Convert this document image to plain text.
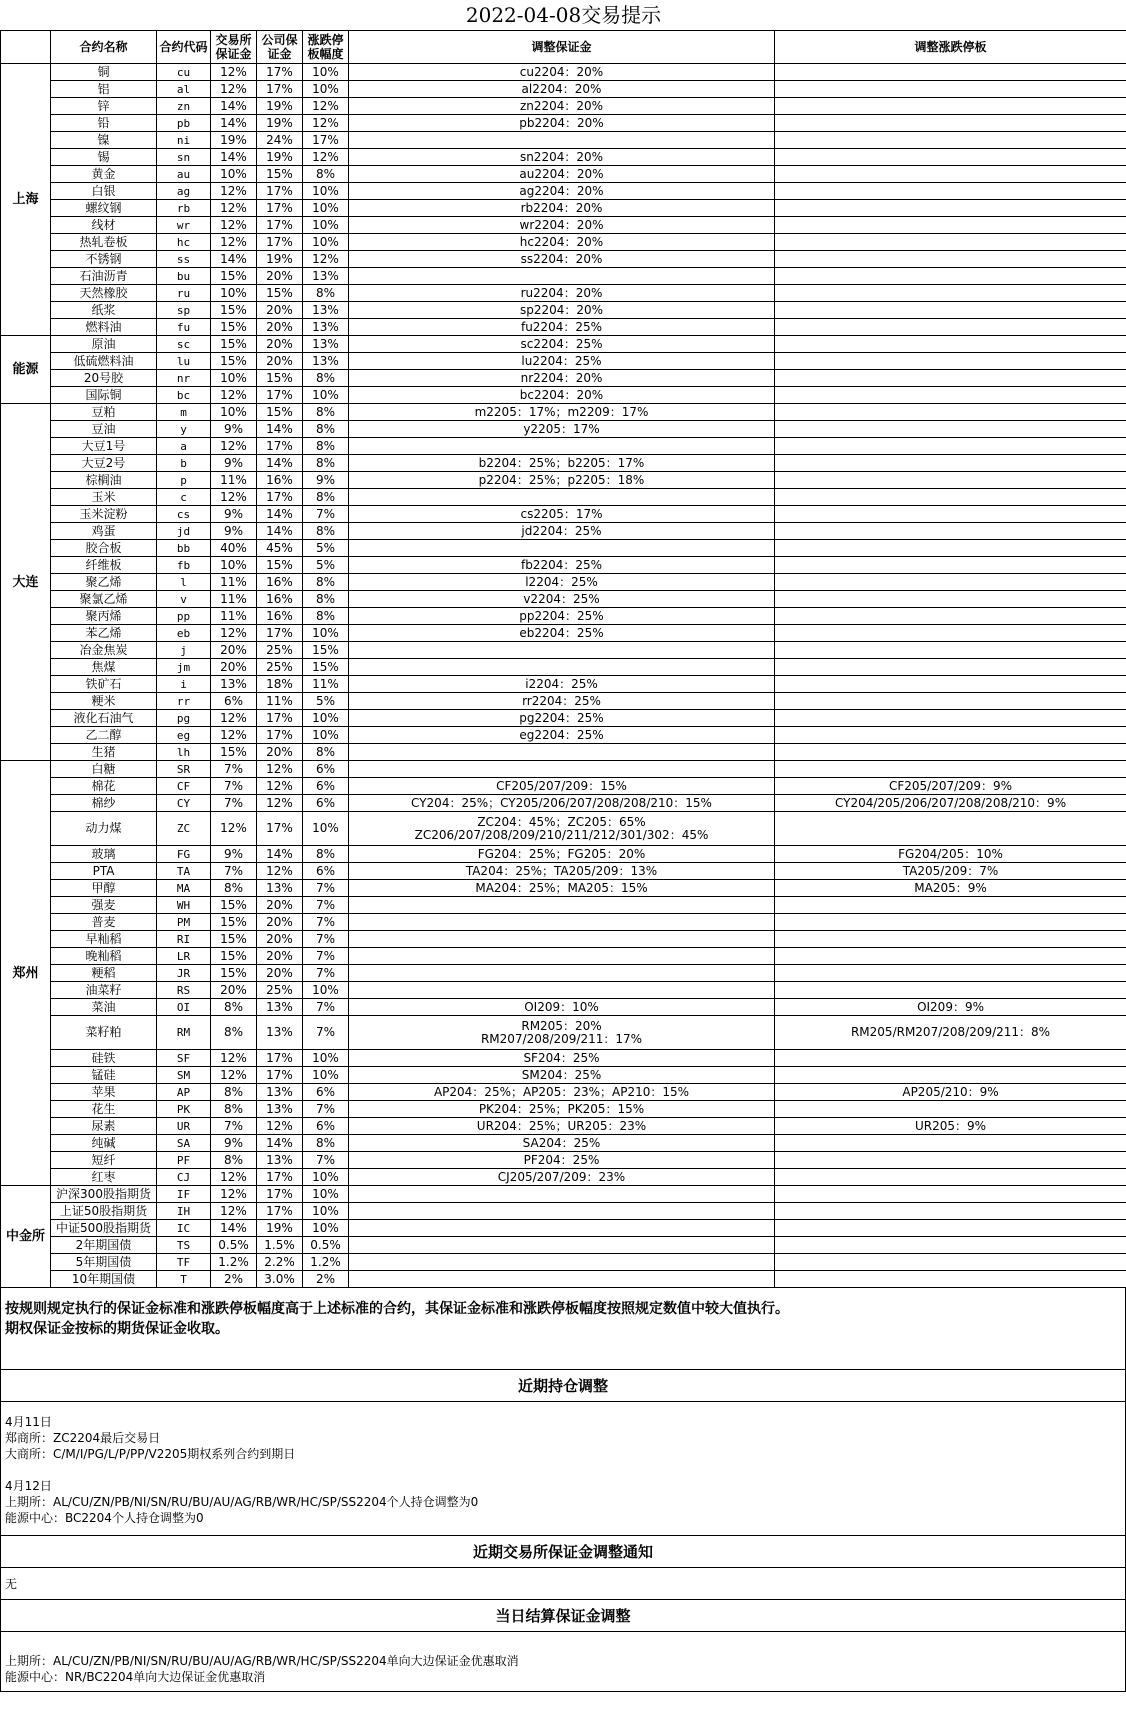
2022-04-08交易提示							
	合约名称	合约代码	交易所保证金	公司保证金	涨跌停板幅度	调整保证金	调整涨跌停板
上海	铜	cu	12%	17%	10%	cu2204：20%	
	铝	al	12%	17%	10%	al2204：20%	
	锌	zn	14%	19%	12%	zn2204：20%	
	铅	pb	14%	19%	12%	pb2204：20%	
	镍	ni	19%	24%	17%		
	锡	sn	14%	19%	12%	sn2204：20%	
	黄金	au	10%	15%	8%	au2204：20%	
	白银	ag	12%	17%	10%	ag2204：20%	
	螺纹钢	rb	12%	17%	10%	rb2204：20%	
	线材	wr	12%	17%	10%	wr2204：20%	
	热轧卷板	hc	12%	17%	10%	hc2204：20%	
	不锈钢	ss	14%	19%	12%	ss2204：20%	
	石油沥青	bu	15%	20%	13%		
	天然橡胶	ru	10%	15%	8%	ru2204：20%	
	纸浆	sp	15%	20%	13%	sp2204：20%	
	燃料油	fu	15%	20%	13%	fu2204：25%	
能源	原油	sc	15%	20%	13%	sc2204：25%	
	低硫燃料油	lu	15%	20%	13%	lu2204：25%	
	20号胶	nr	10%	15%	8%	nr2204：20%	
	国际铜	bc	12%	17%	10%	bc2204：20%	
大连	豆粕	m	10%	15%	8%	m2205：17%；m2209：17%	
	豆油	y	9%	14%	8%	y2205：17%	
	大豆1号	a	12%	17%	8%		
	大豆2号	b	9%	14%	8%	b2204：25%；b2205：17%	
	棕榈油	p	11%	16%	9%	p2204：25%；p2205：18%	
	玉米	c	12%	17%	8%		
	玉米淀粉	cs	9%	14%	7%	cs2205：17%	
	鸡蛋	jd	9%	14%	8%	jd2204：25%	
	胶合板	bb	40%	45%	5%		
	纤维板	fb	10%	15%	5%	fb2204：25%	
	聚乙烯	l	11%	16%	8%	l2204：25%	
	聚氯乙烯	v	11%	16%	8%	v2204：25%	
	聚丙烯	pp	11%	16%	8%	pp2204：25%	
	苯乙烯	eb	12%	17%	10%	eb2204：25%	
	冶金焦炭	j	20%	25%	15%		
	焦煤	jm	20%	25%	15%		
	铁矿石	i	13%	18%	11%	i2204：25%	
	粳米	rr	6%	11%	5%	rr2204：25%	
	液化石油气	pg	12%	17%	10%	pg2204：25%	
	乙二醇	eg	12%	17%	10%	eg2204：25%	
	生猪	lh	15%	20%	8%		
郑州	白糖	SR	7%	12%	6%		
	棉花	CF	7%	12%	6%	CF205/207/209：15%	CF205/207/209：9%
	棉纱	CY	7%	12%	6%	CY204：25%；CY205/206/207/208/208/210：15%	CY204/205/206/207/208/208/210：9%
	动力煤	ZC	12%	17%	10%	ZC204：45%；ZC205：65%
ZC206/207/208/209/210/211/212/301/302：45%	

	玻璃	FG	9%	14%	8%	FG204：25%；FG205：20%	FG204/205：10%
	PTA	TA	7%	12%	6%	TA204：25%；TA205/209：13%	TA205/209：7%
	甲醇	MA	8%	13%	7%	MA204：25%；MA205：15%	MA205：9%
	强麦	WH	15%	20%	7%		
	普麦	PM	15%	20%	7%		
	早籼稻	RI	15%	20%	7%		
	晚籼稻	LR	15%	20%	7%		
	粳稻	JR	15%	20%	7%		
	油菜籽	RS	20%	25%	10%		
	菜油	OI	8%	13%	7%	OI209：10%	OI209：9%
	菜籽粕	RM	8%	13%	7%	RM205：20%
RM207/208/209/211：17%	RM205/RM207/208/209/211：8%
	硅铁	SF	12%	17%	10%	SF204：25%	
	锰硅	SM	12%	17%	10%	SM204：25%	
	苹果	AP	8%	13%	6%	AP204：25%；AP205：23%；AP210：15%	AP205/210：9%
	花生	PK	8%	13%	7%	PK204：25%；PK205：15%	
	尿素	UR	7%	12%	6%	UR204：25%；UR205：23%	UR205：9%
	纯碱	SA	9%	14%	8%	SA204：25%	
	短纤	PF	8%	13%	7%	PF204：25%	
	红枣	CJ	12%	17%	10%	CJ205/207/209：23%	
中金所	沪深300股指期货	IF	12%	17%	10%		
	上证50股指期货	IH	12%	17%	10%		
	中证500股指期货	IC	14%	19%	10%		
	2年期国债	TS	0.5%	1.5%	0.5%		
	5年期国债	TF	1.2%	2.2%	1.2%		
	10年期国债	T	2%	3.0%	2%		
按规则规定执行的保证金标准和涨跌停板幅度高于上述标准的合约，其保证金标准和涨跌停板幅度按照规定数值中较大值执行。
期权保证金按标的期货保证金收取。
近期持仓调整
4月11日
郑商所：ZC2204最后交易日
大商所：C/M/I/PG/L/P/PP/V2205期权系列合约到期日
4月12日
上期所：AL/CU/ZN/PB/NI/SN/RU/BU/AU/AG/RB/WR/HC/SP/SS2204个人持仓调整为0
能源中心：BC2204个人持仓调整为0
近期交易所保证金调整通知
无
当日结算保证金调整
上期所：AL/CU/ZN/PB/NI/SN/RU/BU/AU/AG/RB/WR/HC/SP/SS2204单向大边保证金优惠取消
能源中心：NR/BC2204单向大边保证金优惠取消
